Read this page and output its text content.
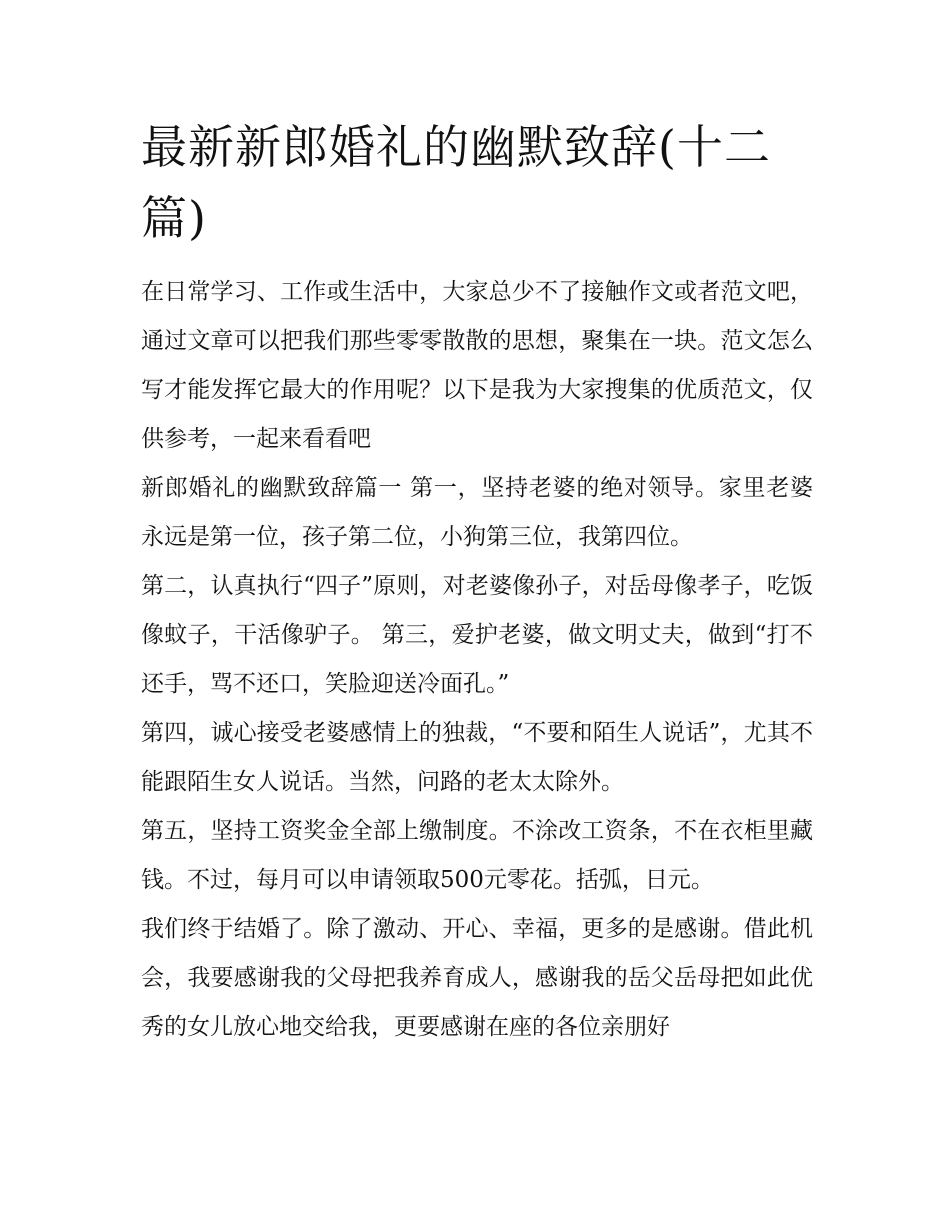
最新新郎婚礼的幽默致辞(十二篇)

在日常学习、工作或生活中，大家总少不了接触作文或者范文吧，通过文章可以把我们那些零零散散的思想，聚集在一块。范文怎么写才能发挥它最大的作用呢？以下是我为大家搜集的优质范文，仅供参考，一起来看看吧

新郎婚礼的幽默致辞篇一 第一，坚持老婆的绝对领导。家里老婆永远是第一位，孩子第二位，小狗第三位，我第四位。

第二，认真执行“四子”原则，对老婆像孙子，对岳母像孝子，吃饭像蚊子，干活像驴子。 第三，爱护老婆，做文明丈夫，做到“打不还手，骂不还口，笑脸迎送冷面孔。”

第四，诚心接受老婆感情上的独裁，“不要和陌生人说话”，尤其不能跟陌生女人说话。当然，问路的老太太除外。

第五，坚持工资奖金全部上缴制度。不涂改工资条，不在衣柜里藏钱。不过，每月可以申请领取500元零花。括弧，日元。

我们终于结婚了。除了激动、开心、幸福，更多的是感谢。借此机会，我要感谢我的父母把我养育成人，感谢我的岳父岳母把如此优秀的女儿放心地交给我，更要感谢在座的各位亲朋好
